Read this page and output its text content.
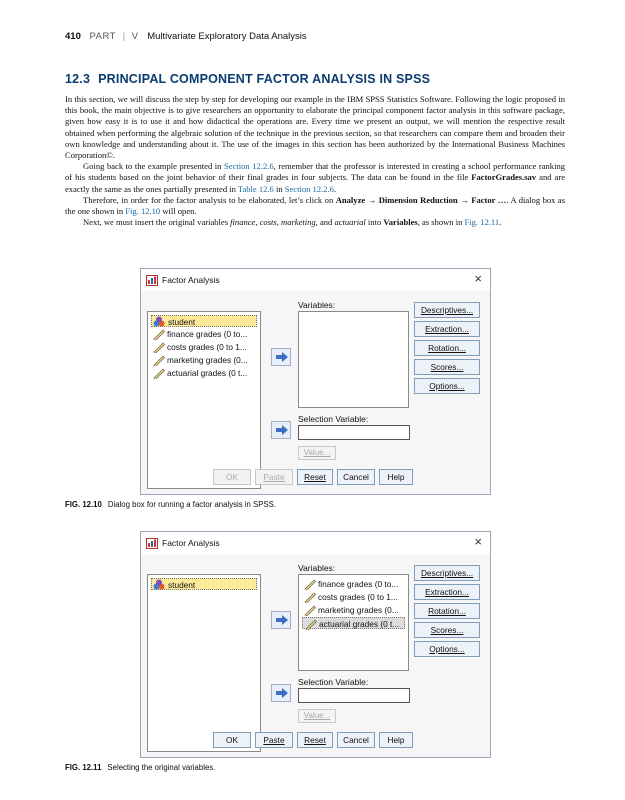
410 PART | V Multivariate Exploratory Data Analysis
12.3 PRINCIPAL COMPONENT FACTOR ANALYSIS IN SPSS

In this section, we will discuss the step by step for developing our example in the IBM SPSS Statistics Software. Following the logic proposed in this book, the main objective is to give researchers an opportunity to elaborate the principal component factor analysis in this software package, given how easy it is to use it and how didactical the operations are. Every time we present an output, we will mention the respective result obtained when performing the algebraic solution of the technique in the previous section, so that researchers can compare them and broaden their own knowledge and understanding about it. The use of the images in this section has been authorized by the International Business Machines Corporation©.

Going back to the example presented in Section 12.2.6, remember that the professor is interested in creating a school performance ranking of his students based on the joint behavior of their final grades in four subjects. The data can be found in the file FactorGrades.sav and are exactly the same as the ones partially presented in Table 12.6 in Section 12.2.6.

Therefore, in order for the factor analysis to be elaborated, let’s click on Analyze → Dimension Reduction → Factor …. A dialog box as the one shown in Fig. 12.10 will open.

Next, we must insert the original variables finance, costs, marketing, and actuarial into Variables, as shown in Fig. 12.11.

Factor Analysis	×
student
finance grades (0 to...
costs grades (0 to 1...
marketing grades (0...
actuarial grades (0 t...
Variables:	Descriptives...
Extraction...
Rotation...
Scores...
Options...
Selection Variable:
Value...
OK	Paste	Reset	Cancel	Help
FIG. 12.10 Dialog box for running a factor analysis in SPSS.
Factor Analysis	×
student
Variables:
finance grades (0 to...
costs grades (0 to 1...
marketing grades (0...
actuarial grades (0 t...
Descriptives...
Extraction...
Rotation...
Scores...
Options...
Selection Variable:
Value...
OK	Paste	Reset	Cancel	Help
FIG. 12.11 Selecting the original variables.
